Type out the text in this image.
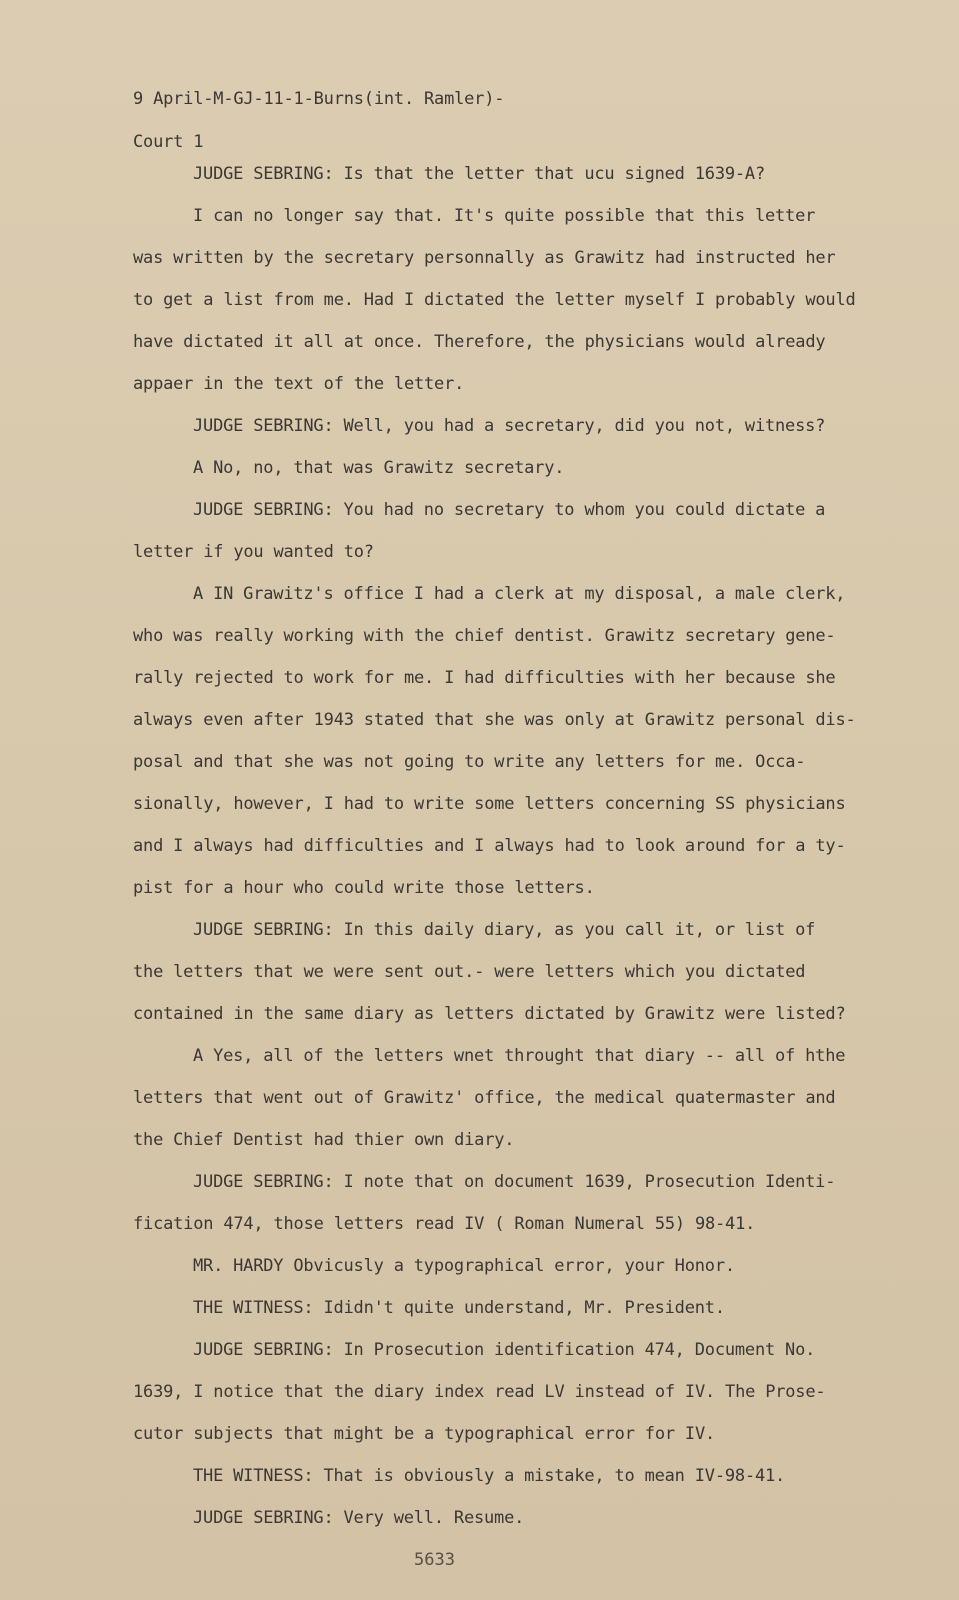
9 April-M-GJ-11-1-Burns(int. Ramler)-

Court 1

JUDGE SEBRING: Is that the letter that ucu signed 1639-A?

I can no longer say that. It's quite possible that this letter

was written by the secretary personnally as Grawitz had instructed her

to get a list from me. Had I dictated the letter myself I probably would

have dictated it all at once. Therefore, the physicians would already

appaer in the text of the letter.

JUDGE SEBRING: Well, you had a secretary, did you not, witness?

A No, no, that was Grawitz secretary.

JUDGE SEBRING: You had no secretary to whom you could dictate a

letter if you wanted to?

A IN Grawitz's office I had a clerk at my disposal, a male clerk,

who was really working with the chief dentist. Grawitz secretary gene-

rally rejected to work for me. I had difficulties with her because she

always even after 1943 stated that she was only at Grawitz personal dis-

posal and that she was not going to write any letters for me. Occa-

sionally, however, I had to write some letters concerning SS physicians

and I always had difficulties and I always had to look around for a ty-

pist for a hour who could write those letters.

JUDGE SEBRING: In this daily diary, as you call it, or list of

the letters that we were sent out.- were letters which you dictated

contained in the same diary as letters dictated by Grawitz were listed?

A Yes, all of the letters wnet throught that diary -- all of hthe

letters that went out of Grawitz' office, the medical quatermaster and

the Chief Dentist had thier own diary.

JUDGE SEBRING: I note that on document 1639, Prosecution Identi-

fication 474, those letters read IV ( Roman Numeral 55) 98-41.

MR. HARDY Obvicusly a typographical error, your Honor.

THE WITNESS: Ididn't quite understand, Mr. President.

JUDGE SEBRING: In Prosecution identification 474, Document No.

1639, I notice that the diary index read LV instead of IV. The Prose-

cutor subjects that might be a typographical error for IV.

THE WITNESS: That is obviously a mistake, to mean IV-98-41.

JUDGE SEBRING: Very well. Resume.

5633
